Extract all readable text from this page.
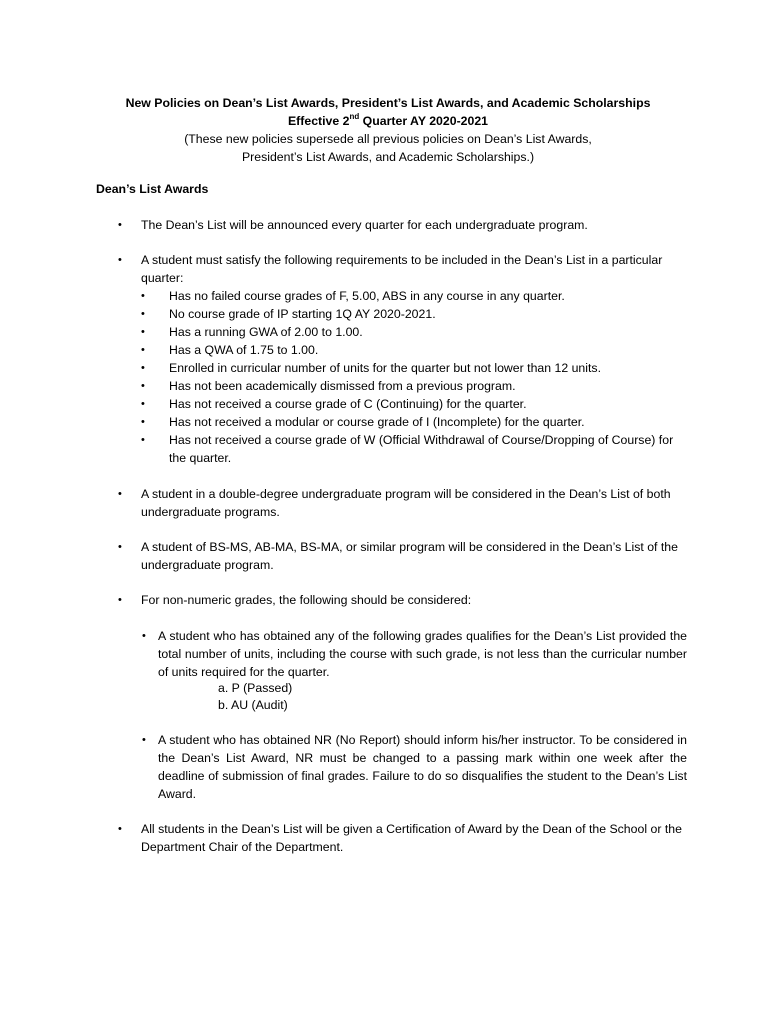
New Policies on Dean’s List Awards, President’s List Awards, and Academic Scholarships
Effective 2nd Quarter AY 2020-2021
(These new policies supersede all previous policies on Dean’s List Awards,
President’s List Awards, and Academic Scholarships.)
Dean’s List Awards
• The Dean’s List will be announced every quarter for each undergraduate program.
• A student must satisfy the following requirements to be included in the Dean’s List in a particular quarter:
• Has no failed course grades of F, 5.00, ABS in any course in any quarter.
• No course grade of IP starting 1Q AY 2020-2021.
• Has a running GWA of 2.00 to 1.00.
• Has a QWA of 1.75 to 1.00.
• Enrolled in curricular number of units for the quarter but not lower than 12 units.
• Has not been academically dismissed from a previous program.
• Has not received a course grade of C (Continuing) for the quarter.
• Has not received a modular or course grade of I (Incomplete) for the quarter.
• Has not received a course grade of W (Official Withdrawal of Course/Dropping of Course) for the quarter.
• A student in a double-degree undergraduate program will be considered in the Dean’s List of both undergraduate programs.
• A student of BS-MS, AB-MA, BS-MA, or similar program will be considered in the Dean’s List of the undergraduate program.
• For non-numeric grades, the following should be considered:
• A student who has obtained any of the following grades qualifies for the Dean’s List provided the total number of units, including the course with such grade, is not less than the curricular number of units required for the quarter.
a. P (Passed)
b. AU (Audit)
• A student who has obtained NR (No Report) should inform his/her instructor. To be considered in the Dean’s List Award, NR must be changed to a passing mark within one week after the deadline of submission of final grades. Failure to do so disqualifies the student to the Dean’s List Award.
• All students in the Dean’s List will be given a Certification of Award by the Dean of the School or the Department Chair of the Department.
